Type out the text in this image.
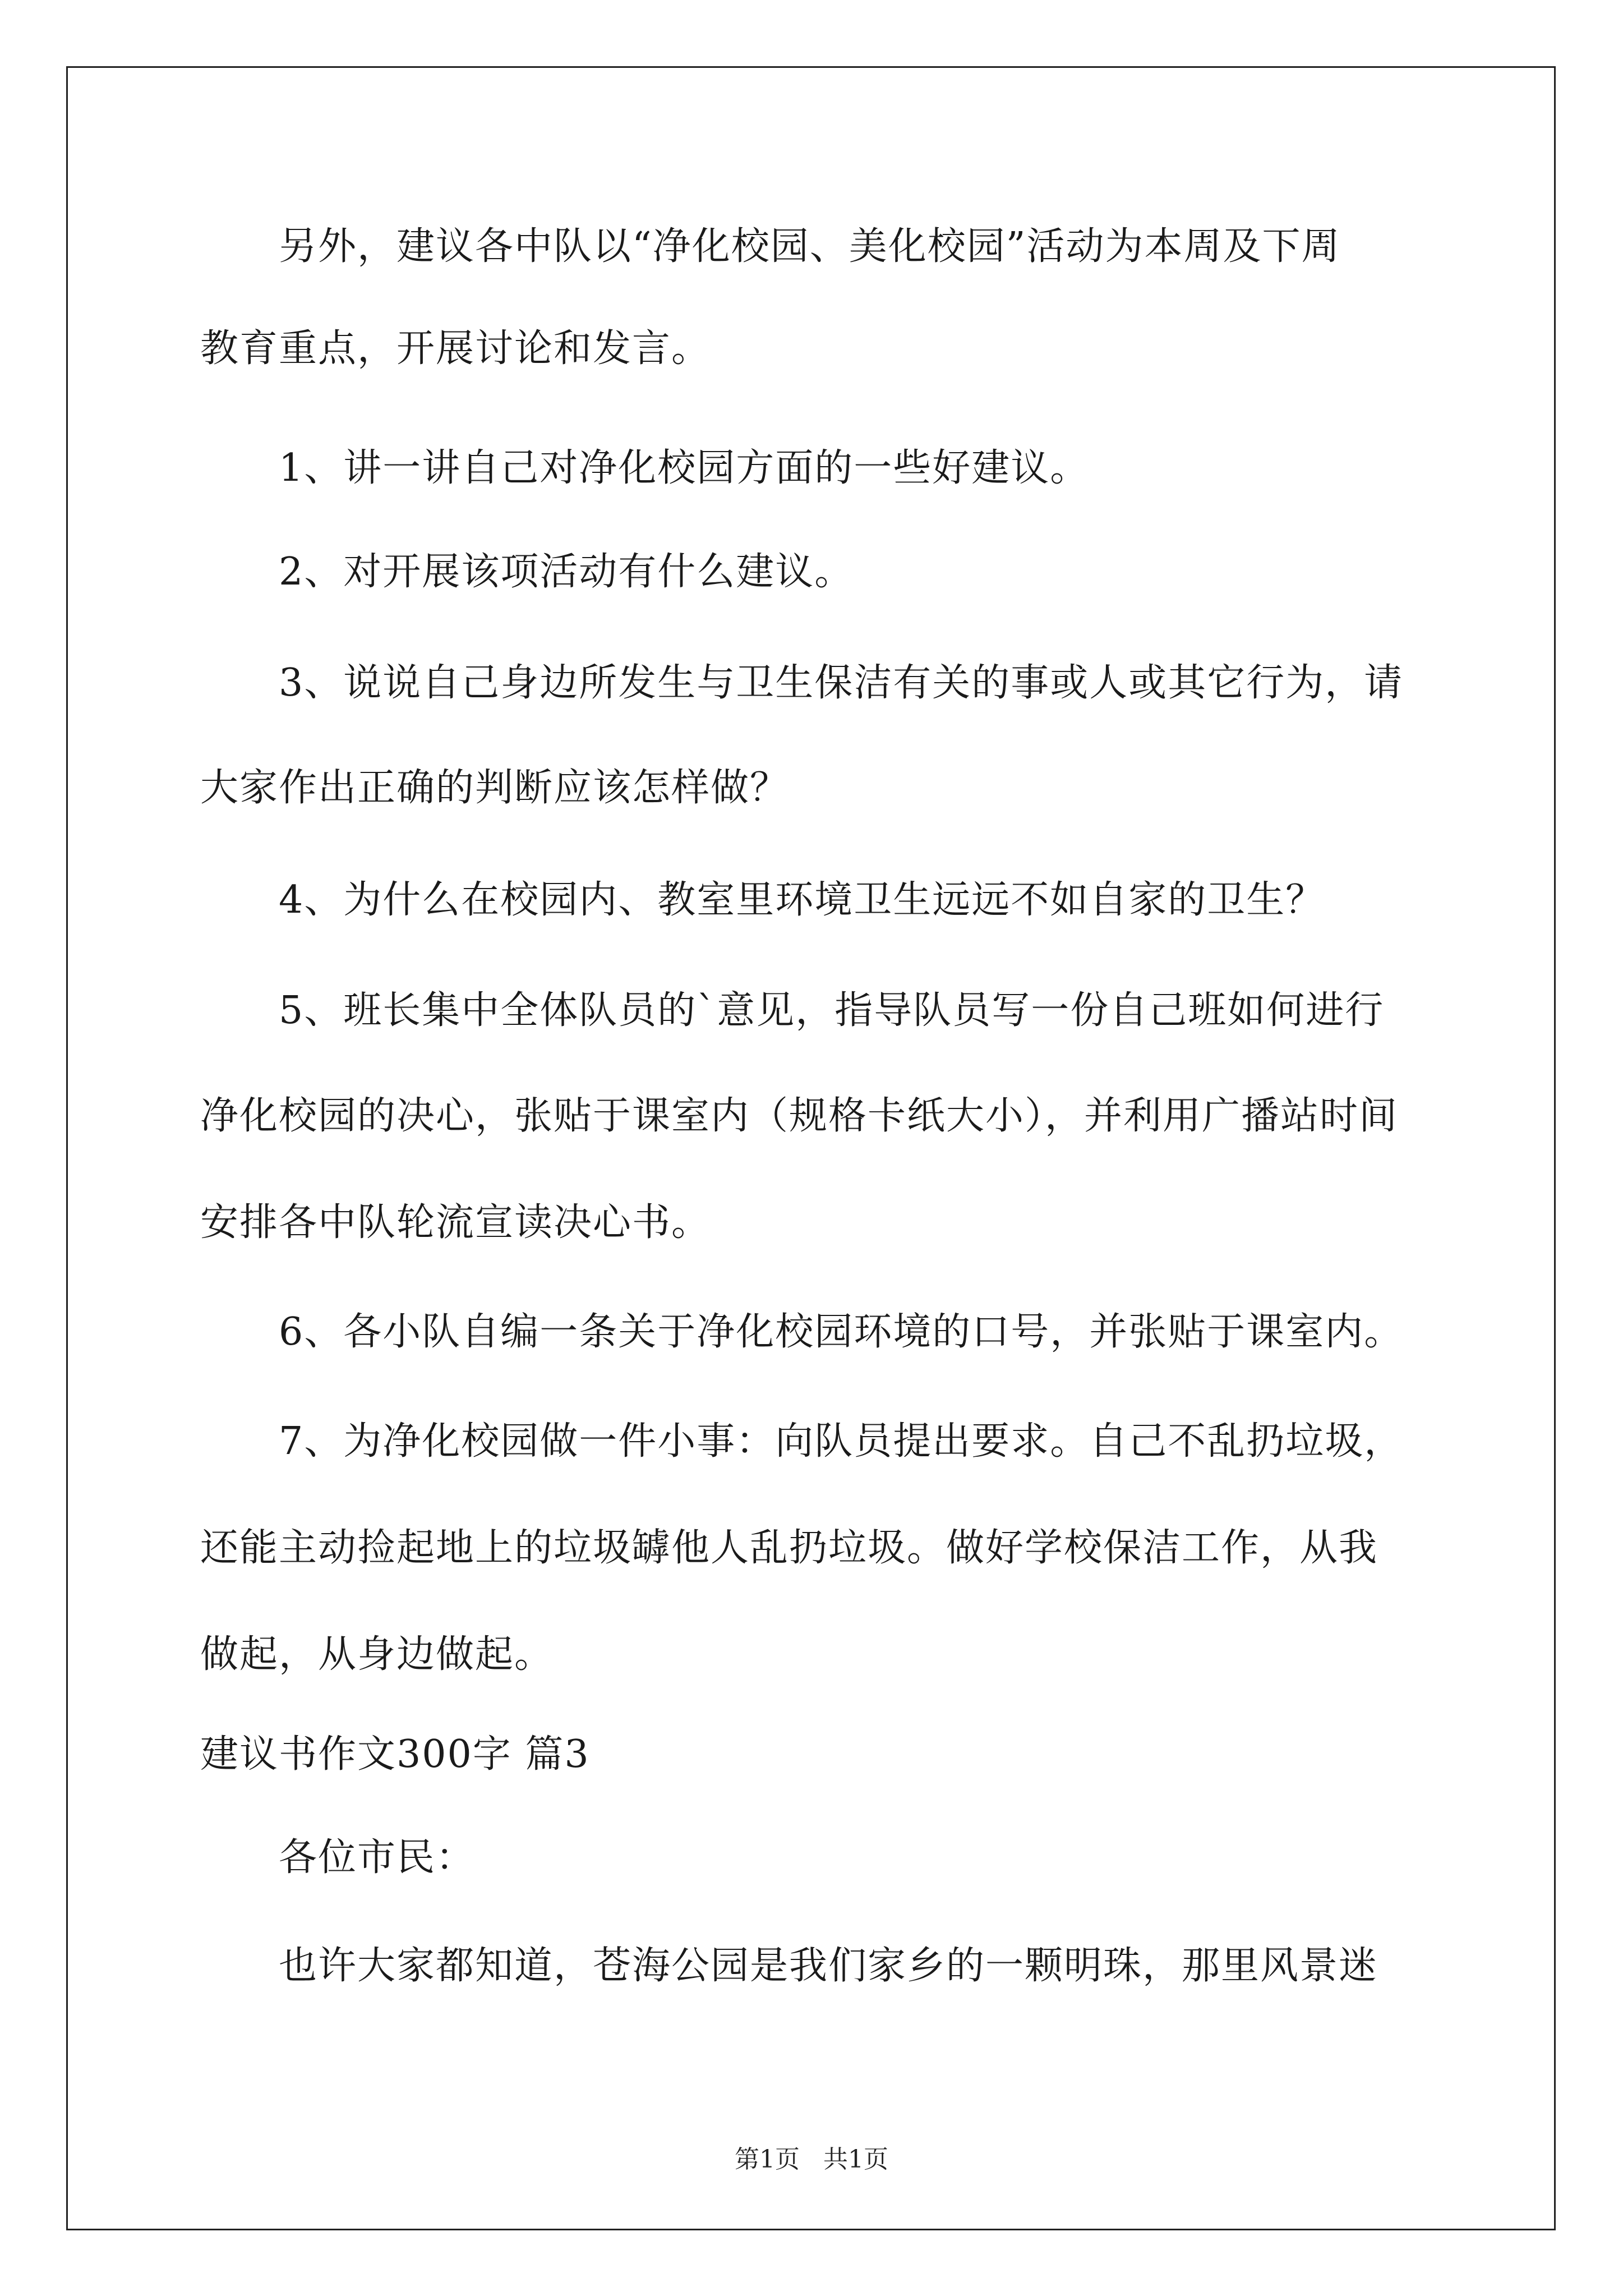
另外，建议各中队以“净化校园、美化校园”活动为本周及下周
教育重点，开展讨论和发言。
1、讲一讲自己对净化校园方面的一些好建议。
2、对开展该项活动有什么建议。
3、说说自己身边所发生与卫生保洁有关的事或人或其它行为，请
大家作出正确的判断应该怎样做？
4、为什么在校园内、教室里环境卫生远远不如自家的卫生？
5、班长集中全体队员的`意见，指导队员写一份自己班如何进行
净化校园的决心，张贴于课室内（规格卡纸大小），并利用广播站时间
安排各中队轮流宣读决心书。
6、各小队自编一条关于净化校园环境的口号，并张贴于课室内。
7、为净化校园做一件小事：向队员提出要求。自己不乱扔垃圾，
还能主动捡起地上的垃圾罅他人乱扔垃圾。做好学校保洁工作，从我
做起，从身边做起。
建议书作文300字 篇3
各位市民：
也许大家都知道，苍海公园是我们家乡的一颗明珠，那里风景迷
第1页   共1页
